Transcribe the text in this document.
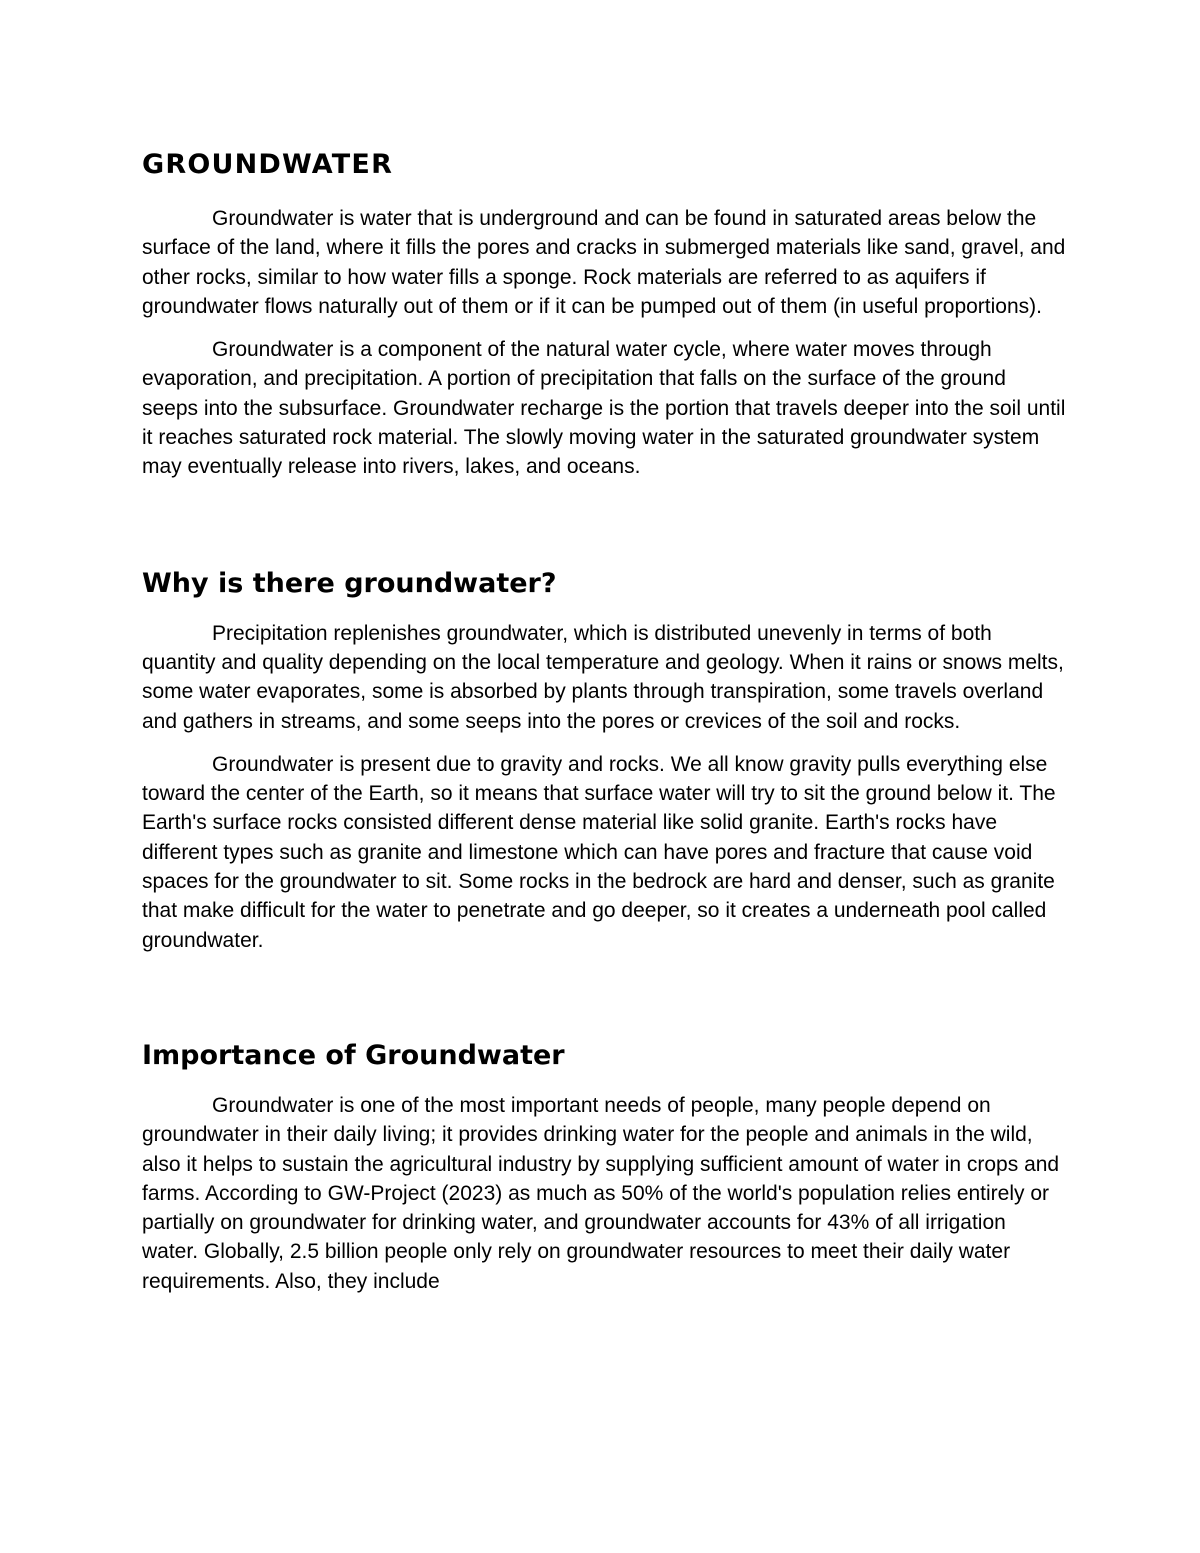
GROUNDWATER

Groundwater is water that is underground and can be found in saturated areas below the surface of the land, where it fills the pores and cracks in submerged materials like sand, gravel, and other rocks, similar to how water fills a sponge. Rock materials are referred to as aquifers if groundwater flows naturally out of them or if it can be pumped out of them (in useful proportions).

Groundwater is a component of the natural water cycle, where water moves through evaporation, and precipitation. A portion of precipitation that falls on the surface of the ground seeps into the subsurface. Groundwater recharge is the portion that travels deeper into the soil until it reaches saturated rock material. The slowly moving water in the saturated groundwater system may eventually release into rivers, lakes, and oceans.

Why is there groundwater?

Precipitation replenishes groundwater, which is distributed unevenly in terms of both quantity and quality depending on the local temperature and geology. When it rains or snows melts, some water evaporates, some is absorbed by plants through transpiration, some travels overland and gathers in streams, and some seeps into the pores or crevices of the soil and rocks.

Groundwater is present due to gravity and rocks. We all know gravity pulls everything else toward the center of the Earth, so it means that surface water will try to sit the ground below it. The Earth's surface rocks consisted different dense material like solid granite. Earth's rocks have different types such as granite and limestone which can have pores and fracture that cause void spaces for the groundwater to sit. Some rocks in the bedrock are hard and denser, such as granite that make difficult for the water to penetrate and go deeper, so it creates a underneath pool called groundwater.

Importance of Groundwater

Groundwater is one of the most important needs of people, many people depend on groundwater in their daily living; it provides drinking water for the people and animals in the wild, also it helps to sustain the agricultural industry by supplying sufficient amount of water in crops and farms. According to GW-Project (2023) as much as 50% of the world's population relies entirely or partially on groundwater for drinking water, and groundwater accounts for 43% of all irrigation water. Globally, 2.5 billion people only rely on groundwater resources to meet their daily water requirements. Also, they include
